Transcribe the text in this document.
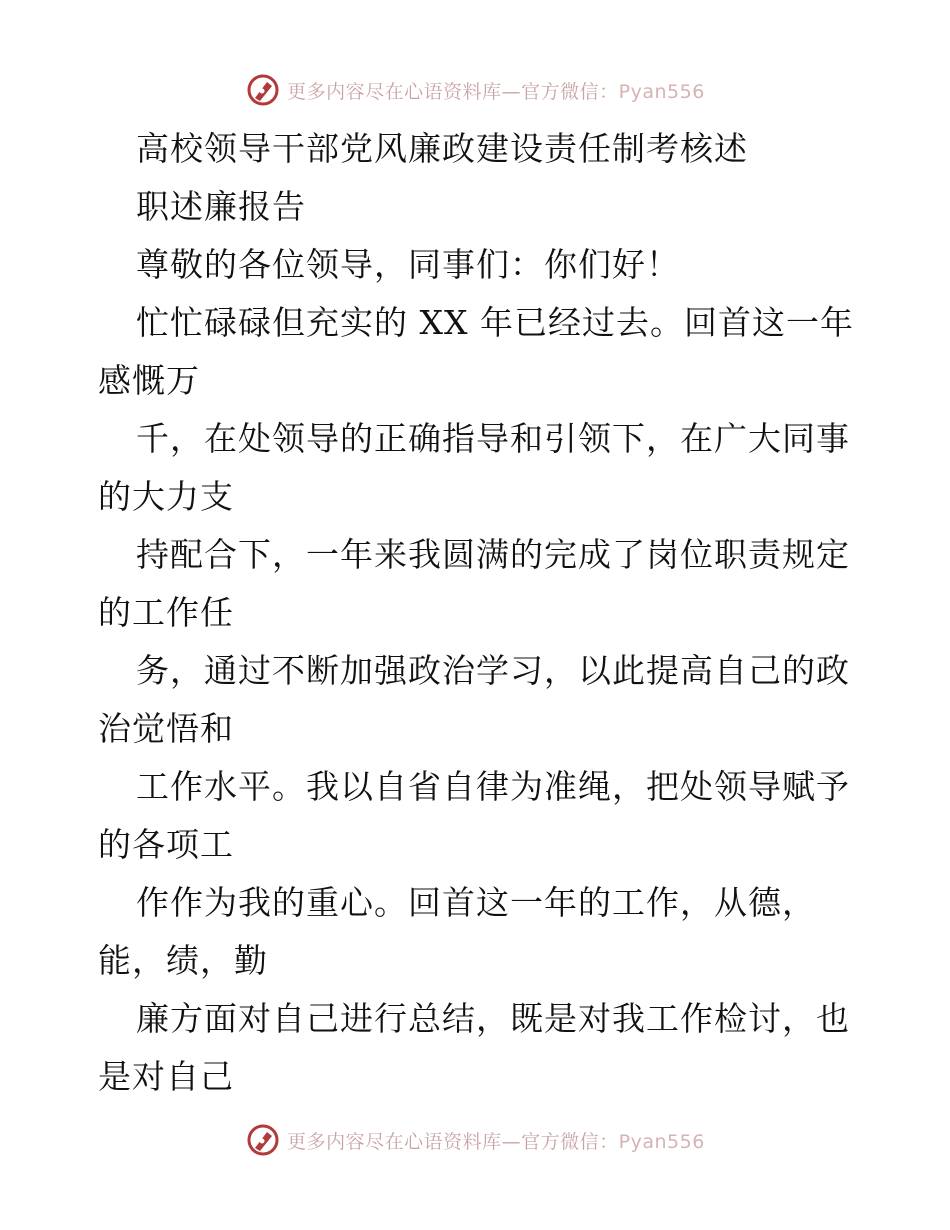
更多内容尽在心语资料库—官方微信：Pyan556
高校领导干部党风廉政建设责任制考核述
职述廉报告
尊敬的各位领导，同事们：你们好！
忙忙碌碌但充实的 XX 年已经过去。回首这一年
感慨万
千，在处领导的正确指导和引领下，在广大同事
的大力支
持配合下，一年来我圆满的完成了岗位职责规定
的工作任
务，通过不断加强政治学习，以此提高自己的政
治觉悟和
工作水平。我以自省自律为准绳，把处领导赋予
的各项工
作作为我的重心。回首这一年的工作，从德，
能，绩，勤
廉方面对自己进行总结，既是对我工作检讨，也
是对自己
更多内容尽在心语资料库—官方微信：Pyan556
